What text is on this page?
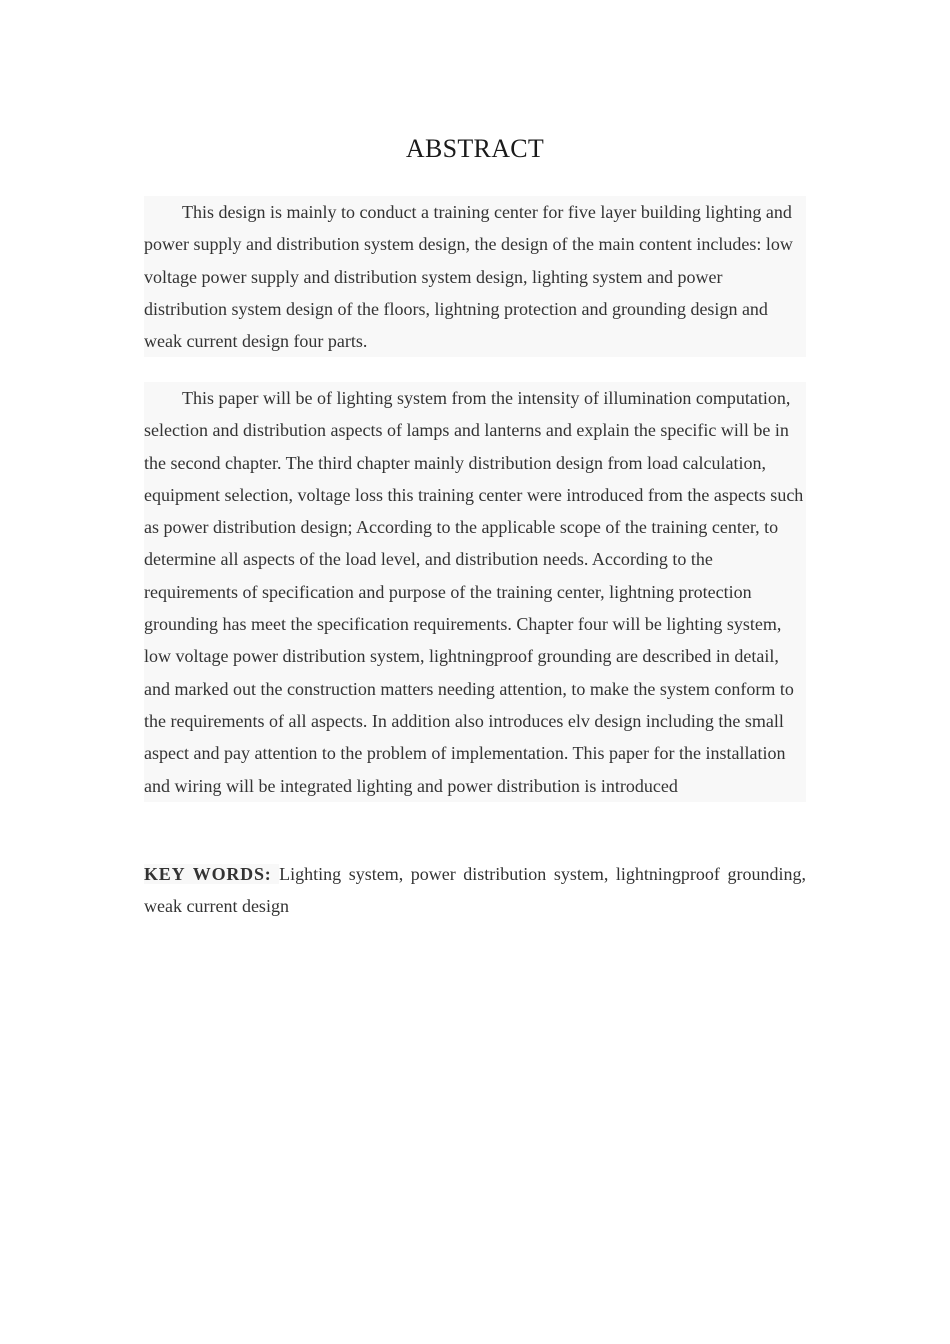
ABSTRACT

This design is mainly to conduct a training center for five layer building lighting and power supply and distribution system design, the design of the main content includes: low voltage power supply and distribution system design, lighting system and power distribution system design of the floors, lightning protection and grounding design and weak current design four parts.

This paper will be of lighting system from the intensity of illumination computation, selection and distribution aspects of lamps and lanterns and explain the specific will be in the second chapter. The third chapter mainly distribution design from load calculation, equipment selection, voltage loss this training center were introduced from the aspects such as power distribution design; According to the applicable scope of the training center, to determine all aspects of the load level, and distribution needs. According to the requirements of specification and purpose of the training center, lightning protection grounding has meet the specification requirements. Chapter four will be lighting system, low voltage power distribution system, lightningproof grounding are described in detail, and marked out the construction matters needing attention, to make the system conform to the requirements of all aspects. In addition also introduces elv design including the small aspect and pay attention to the problem of implementation. This paper for the installation and wiring will be integrated lighting and power distribution is introduced

KEY WORDS: Lighting system, power distribution system, lightningproof grounding, weak current design
